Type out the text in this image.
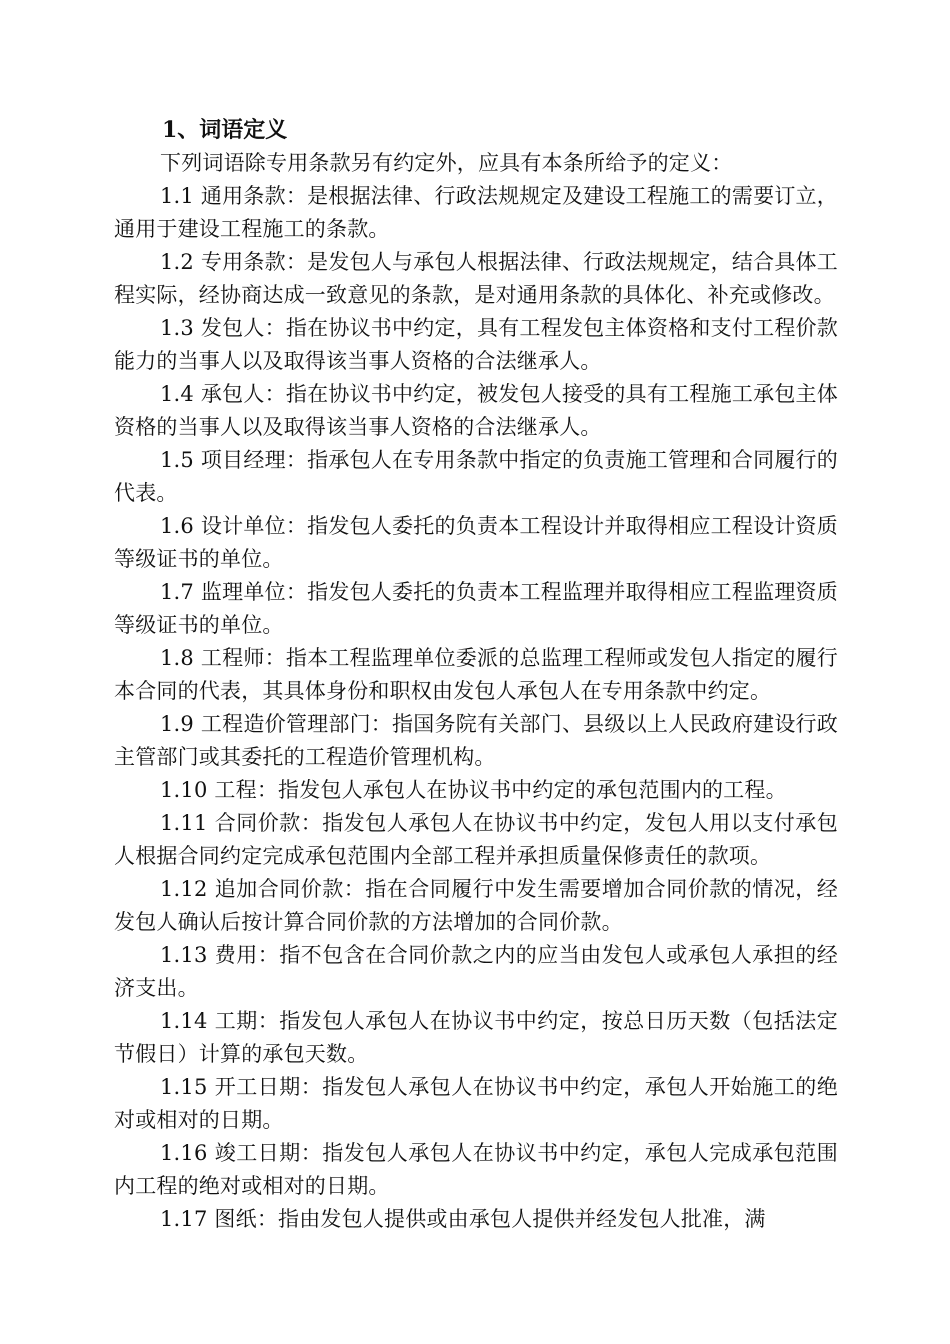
1、词语定义

下列词语除专用条款另有约定外，应具有本条所给予的定义：

1.1 通用条款：是根据法律、行政法规规定及建设工程施工的需要订立，通用于建设工程施工的条款。

1.2 专用条款：是发包人与承包人根据法律、行政法规规定，结合具体工程实际，经协商达成一致意见的条款，是对通用条款的具体化、补充或修改。

1.3 发包人：指在协议书中约定，具有工程发包主体资格和支付工程价款能力的当事人以及取得该当事人资格的合法继承人。

1.4 承包人：指在协议书中约定，被发包人接受的具有工程施工承包主体资格的当事人以及取得该当事人资格的合法继承人。

1.5 项目经理：指承包人在专用条款中指定的负责施工管理和合同履行的代表。

1.6 设计单位：指发包人委托的负责本工程设计并取得相应工程设计资质等级证书的单位。

1.7 监理单位：指发包人委托的负责本工程监理并取得相应工程监理资质等级证书的单位。

1.8 工程师：指本工程监理单位委派的总监理工程师或发包人指定的履行本合同的代表，其具体身份和职权由发包人承包人在专用条款中约定。

1.9 工程造价管理部门：指国务院有关部门、县级以上人民政府建设行政主管部门或其委托的工程造价管理机构。

1.10 工程：指发包人承包人在协议书中约定的承包范围内的工程。

1.11 合同价款：指发包人承包人在协议书中约定，发包人用以支付承包人根据合同约定完成承包范围内全部工程并承担质量保修责任的款项。

1.12 追加合同价款：指在合同履行中发生需要增加合同价款的情况，经发包人确认后按计算合同价款的方法增加的合同价款。

1.13 费用：指不包含在合同价款之内的应当由发包人或承包人承担的经济支出。

1.14 工期：指发包人承包人在协议书中约定，按总日历天数（包括法定节假日）计算的承包天数。

1.15 开工日期：指发包人承包人在协议书中约定，承包人开始施工的绝对或相对的日期。

1.16 竣工日期：指发包人承包人在协议书中约定，承包人完成承包范围内工程的绝对或相对的日期。

1.17 图纸：指由发包人提供或由承包人提供并经发包人批准，满
